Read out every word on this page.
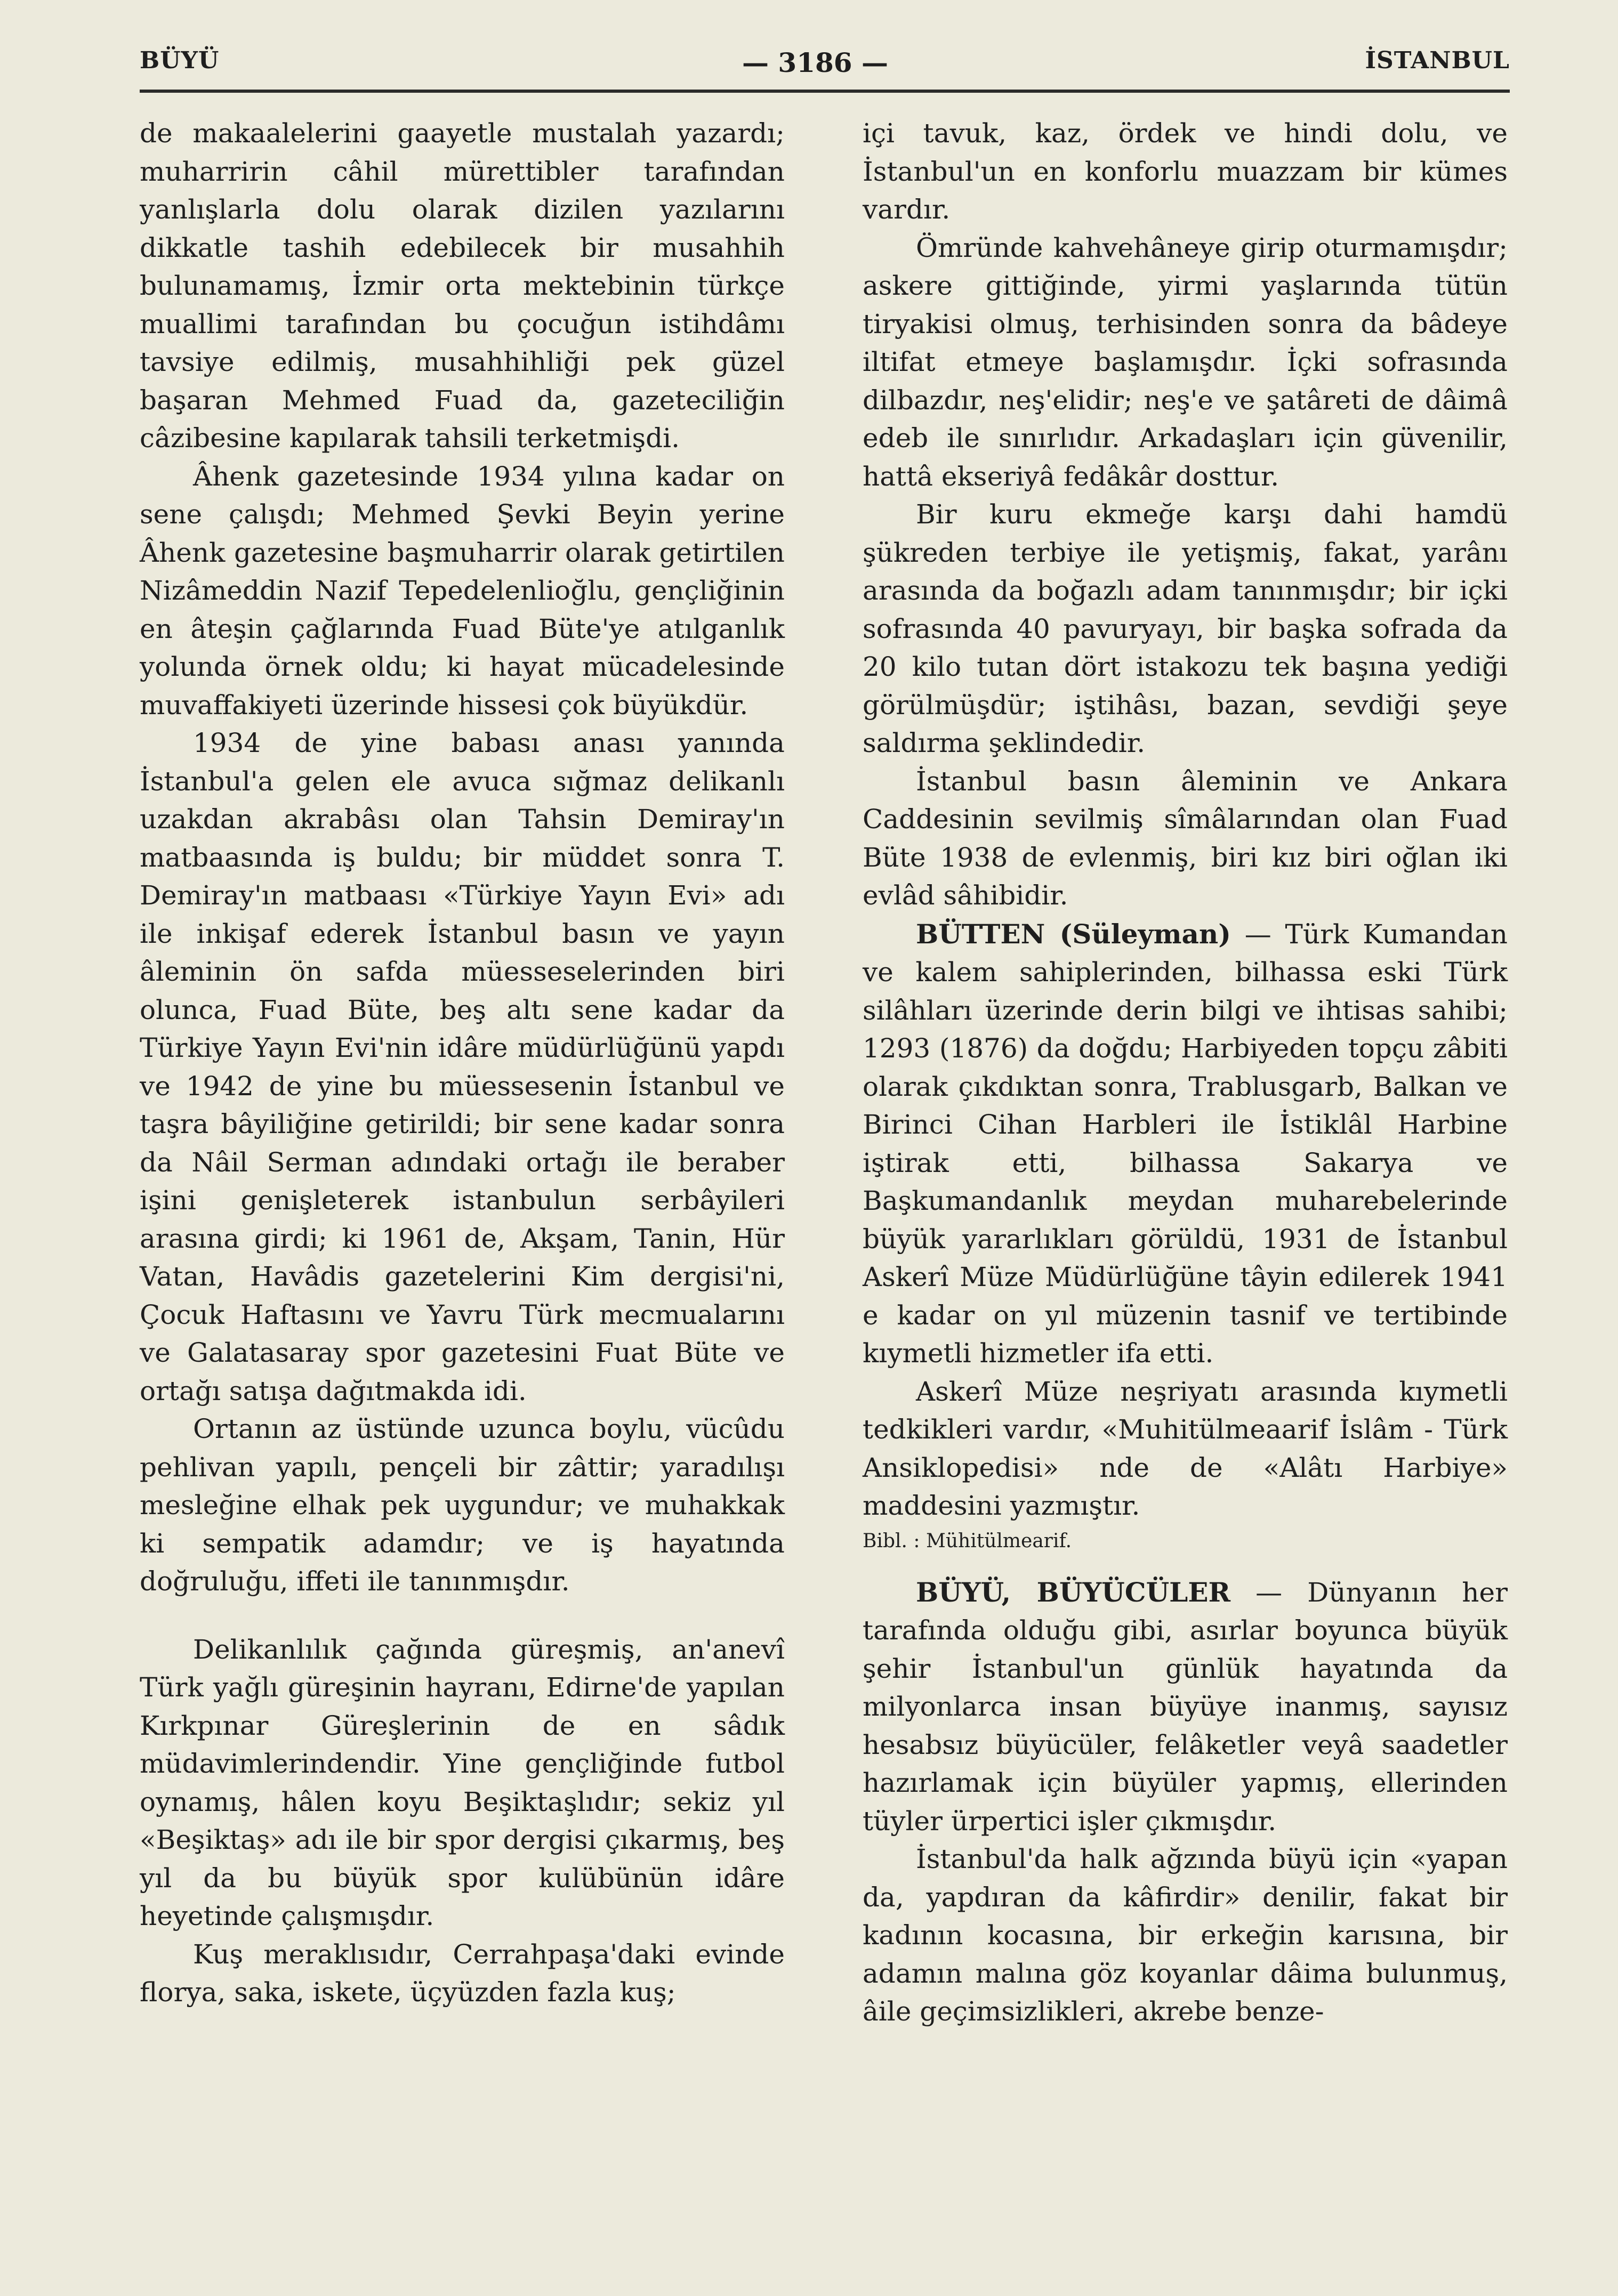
BÜYÜ	— 3186 —	İSTANBUL

de makaalelerini gaayetle mustalah yazardı; muharririn câhil mürettibler tarafından yanlışlarla dolu olarak dizilen yazılarını dikkatle tashih edebilecek bir musahhih bulunamamış, İzmir orta mektebinin türkçe muallimi tarafından bu çocuğun istihdâmı tavsiye edilmiş, musahhihliği pek güzel başaran Mehmed Fuad da, gazeteciliğin câzibesine kapılarak tahsili terketmişdi.

Âhenk gazetesinde 1934 yılına kadar on sene çalışdı; Mehmed Şevki Beyin yerine Âhenk gazetesine başmuharrir olarak getirtilen Nizâmeddin Nazif Tepedelenlioğlu, gençliğinin en âteşin çağlarında Fuad Büte'ye atılganlık yolunda örnek oldu; ki hayat mücadelesinde muvaffakiyeti üzerinde hissesi çok büyükdür.

1934 de yine babası anası yanında İstanbul'a gelen ele avuca sığmaz delikanlı uzakdan akrabâsı olan Tahsin Demiray'ın matbaasında iş buldu; bir müddet sonra T. Demiray'ın matbaası «Türkiye Yayın Evi» adı ile inkişaf ederek İstanbul basın ve yayın âleminin ön safda müesseselerinden biri olunca, Fuad Büte, beş altı sene kadar da Türkiye Yayın Evi'nin idâre müdürlüğünü yapdı ve 1942 de yine bu müessesenin İstanbul ve taşra bâyiliğine getirildi; bir sene kadar sonra da Nâil Serman adındaki ortağı ile beraber işini genişleterek istanbulun serbâyileri arasına girdi; ki 1961 de, Akşam, Tanin, Hür Vatan, Havâdis gazetelerini Kim dergisi'ni, Çocuk Haftasını ve Yavru Türk mecmualarını ve Galatasaray spor gazetesini Fuat Büte ve ortağı satışa dağıtmakda idi.

Ortanın az üstünde uzunca boylu, vücûdu pehlivan yapılı, pençeli bir zâttir; yaradılışı mesleğine elhak pek uygundur; ve muhakkak ki sempatik adamdır; ve iş hayatında doğruluğu, iffeti ile tanınmışdır.

Delikanlılık çağında güreşmiş, an'anevî Türk yağlı güreşinin hayranı, Edirne'de yapılan Kırkpınar Güreşlerinin de en sâdık müdavimlerindendir. Yine gençliğinde futbol oynamış, hâlen koyu Beşiktaşlıdır; sekiz yıl «Beşiktaş» adı ile bir spor dergisi çıkarmış, beş yıl da bu büyük spor kulübünün idâre heyetinde çalışmışdır.

Kuş meraklısıdır, Cerrahpaşa'daki evinde florya, saka, iskete, üçyüzden fazla kuş;

içi tavuk, kaz, ördek ve hindi dolu, ve İstanbul'un en konforlu muazzam bir kümes vardır.

Ömründe kahvehâneye girip oturmamışdır; askere gittiğinde, yirmi yaşlarında tütün tiryakisi olmuş, terhisinden sonra da bâdeye iltifat etmeye başlamışdır. İçki sofrasında dilbazdır, neş'elidir; neş'e ve şatâreti de dâimâ edeb ile sınırlıdır. Arkadaşları için güvenilir, hattâ ekseriyâ fedâkâr dosttur.

Bir kuru ekmeğe karşı dahi hamdü şükreden terbiye ile yetişmiş, fakat, yarânı arasında da boğazlı adam tanınmışdır; bir içki sofrasında 40 pavuryayı, bir başka sofrada da 20 kilo tutan dört istakozu tek başına yediği görülmüşdür; iştihâsı, bazan, sevdiği şeye saldırma şeklindedir.

İstanbul basın âleminin ve Ankara Caddesinin sevilmiş sîmâlarından olan Fuad Büte 1938 de evlenmiş, biri kız biri oğlan iki evlâd sâhibidir.

BÜTTEN (Süleyman) — Türk Kumandan ve kalem sahiplerinden, bilhassa eski Türk silâhları üzerinde derin bilgi ve ihtisas sahibi; 1293 (1876) da doğdu; Harbiyeden topçu zâbiti olarak çıkdıktan sonra, Trablusgarb, Balkan ve Birinci Cihan Harbleri ile İstiklâl Harbine iştirak etti, bilhassa Sakarya ve Başkumandanlık meydan muharebelerinde büyük yararlıkları görüldü, 1931 de İstanbul Askerî Müze Müdürlüğüne tâyin edilerek 1941 e kadar on yıl müzenin tasnif ve tertibinde kıymetli hizmetler ifa etti.

Askerî Müze neşriyatı arasında kıymetli tedkikleri vardır, «Muhitülmeaarif İslâm - Türk Ansiklopedisi» nde de «Alâtı Harbiye» maddesini yazmıştır.

Bibl. : Mühitülmearif.

BÜYÜ, BÜYÜCÜLER — Dünyanın her tarafında olduğu gibi, asırlar boyunca büyük şehir İstanbul'un günlük hayatında da milyonlarca insan büyüye inanmış, sayısız hesabsız büyücüler, felâketler veyâ saadetler hazırlamak için büyüler yapmış, ellerinden tüyler ürpertici işler çıkmışdır.

İstanbul'da halk ağzında büyü için «yapan da, yapdıran da kâfirdir» denilir, fakat bir kadının kocasına, bir erkeğin karısına, bir adamın malına göz koyanlar dâima bulunmuş, âile geçimsizlikleri, akrebe benze-
